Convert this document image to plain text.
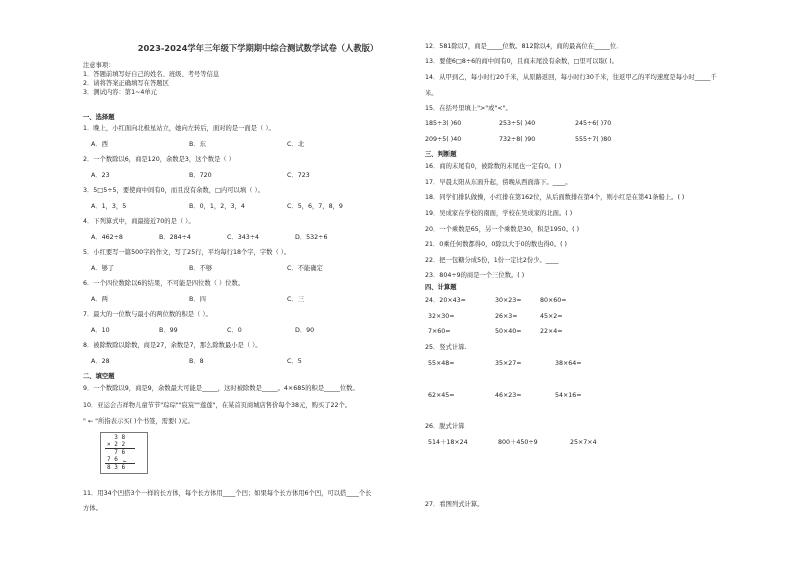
2023-2024学年三年级下学期期中综合测试数学试卷（人教版）
注意事项：
1．答题前填写好自己的姓名、班级、考号等信息
2．请将答案正确填写在答题区
3．测试内容：第1~4单元
一、选择题
1．晚上，小红面向北极星站立，她向左转后，面对的是一面是（ ）。
A．西	B．东	C．北
2．一个数除以6，商是120，余数是3，这个数是（ ）
A．23	B．720	C．723
3．5□5÷5，要使商中间有0，而且没有余数，□内可以填（ ）。
A．1，3，5	B．0，1，2，3，4	C．5，6，7，8，9
4．下列算式中，商最接近70的是（ ）。
A．462÷8	B．284÷4	C．343÷4	D．532÷6
5．小红要写一篇500字的作文，写了25行，平均每行18个字，字数（ ）。
A．够了	B．不够	C．不能确定
6．一个四位数除以6的结果，不可能是四位数（ ）位数。
A．两	B．四	C．三
7．最大的一位数与最小的两位数的积是（ ）。
A．10	B．99	C．0	D．90
8．被除数除以除数，商是27，余数是7，那么除数最小是（ ）。
A．28	B．8	C．5
二、填空题
9．一个数除以9，商是9，余数最大可能是_____，这时被除数是_____。4×685的积是_____位数。
10．亚运会吉祥物儿童节节"琮琮""宸宸""莲莲"，在某首页商城店售价每个38元，购买了22个。
" ← "所指表示买( )个书签，需要( )元。
11．用34个凹搭3个一样的长方体，每个长方体用____个凹；如果每个长方体用6个凹，可以搭____个长
方体。
3 8
× 2 2
7 6
7 6 ←
8 3 6
12．581除以7，商是_____位数。812除以4，商的最高位在_____位．
13．要使6□8÷6的商中间有0，且商末尾没有余数，□里可以取( )。
14．从甲到乙，每小时行20千米，从原路返回，每小时行30千米，往返甲乙的平均速度是每小时_____千
米。
15．在括号里填上">"或"<"。
185÷3( )60	253÷5( )40	245÷6( )70
209÷5( )40	732÷8( )90	555÷7( )80
三、判断题
16．商的末尾有0，被除数的末尾也一定有0。( )
17．早晨太阳从东面升起，傍晚从西面落下。____。
18．同学们排队做操，小红排在第162位，从后面数排在第4个，则小红是在第41条船上。( )
19．吴成家在学校的南面，学校在吴成家的北面。( )
20．一个乘数是65，另一个乘数是30，积是1950。( )
21．0乘任何数都得0，0除以大于0的数也得0。( )
22．把一包糖分成5份，1份一定比2份少。____
23．804÷9的商是一个三位数。( )
四、计算题
24．20×43=	30×23=	80×60=
32×30=	26×3=	45×2=
7×60=	50×40=	22×4=
25．竖式计算.
55×48=	35×27=	38×64=
62×45=	46×23=	54×16=
26．脱式计算
514＋18×24	800＋450÷9	25×7×4
27．看图列式计算。
